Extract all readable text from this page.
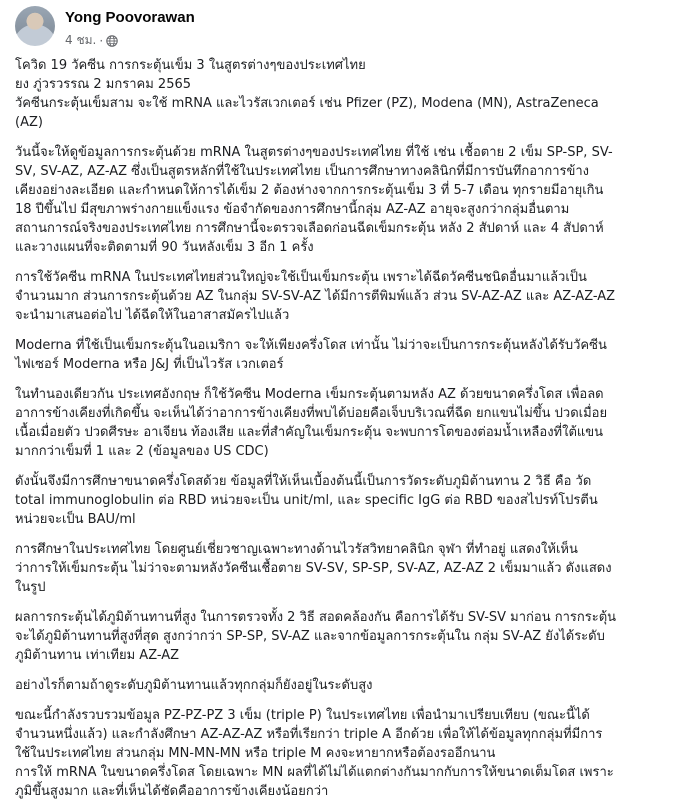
Yong Poovorawan
4 ชม. ·

โควิด 19 วัคซีน การกระตุ้นเข็ม 3 ในสูตรต่างๆของประเทศไทย
ยง ภู่วรวรรณ 2 มกราคม 2565
วัคซีนกระตุ้นเข็มสาม จะใช้ mRNA และไวรัสเวกเตอร์ เช่น Pfizer (PZ), Modena (MN), AstraZeneca
(AZ)

วันนี้จะให้ดูข้อมูลการกระตุ้นด้วย mRNA ในสูตรต่างๆของประเทศไทย ที่ใช้ เช่น เชื้อตาย 2 เข็ม SP-SP, SV-
SV, SV-AZ, AZ-AZ ซึ่งเป็นสูตรหลักที่ใช้ในประเทศไทย เป็นการศึกษาทางคลินิกที่มีการบันทึกอาการข้าง
เคียงอย่างละเอียด และกำหนดให้การได้เข็ม 2 ต้องห่างจากการกระตุ้นเข็ม 3 ที่ 5-7 เดือน ทุกรายมีอายุเกิน
18 ปีขึ้นไป มีสุขภาพร่างกายแข็งแรง ข้อจำกัดของการศึกษานี้กลุ่ม AZ-AZ อายุจะสูงกว่ากลุ่มอื่นตาม
สถานการณ์จริงของประเทศไทย การศึกษานี้จะตรวจเลือดก่อนฉีดเข็มกระตุ้น หลัง 2 สัปดาห์ และ 4 สัปดาห์
และวางแผนที่จะติดตามที่ 90 วันหลังเข็ม 3 อีก 1 ครั้ง

การใช้วัคซีน mRNA ในประเทศไทยส่วนใหญ่จะใช้เป็นเข็มกระตุ้น เพราะได้ฉีดวัคซีนชนิดอื่นมาแล้วเป็น
จำนวนมาก ส่วนการกระตุ้นด้วย AZ ในกลุ่ม SV-SV-AZ ได้มีการตีพิมพ์แล้ว ส่วน SV-AZ-AZ และ AZ-AZ-AZ
จะนำมาเสนอต่อไป ได้ฉีดให้ในอาสาสมัครไปแล้ว

Moderna ที่ใช้เป็นเข็มกระตุ้นในอเมริกา จะให้เพียงครึ่งโดส เท่านั้น ไม่ว่าจะเป็นการกระตุ้นหลังได้รับวัคซีน
ไฟเซอร์ Moderna หรือ J&J ที่เป็นไวรัส เวกเตอร์

ในทำนองเดียวกัน ประเทศอังกฤษ ก็ใช้วัคซีน Moderna เข็มกระตุ้นตามหลัง AZ ด้วยขนาดครึ่งโดส เพื่อลด
อาการข้างเคียงที่เกิดขึ้น จะเห็นได้ว่าอาการข้างเคียงที่พบได้บ่อยคือเจ็บบริเวณที่ฉีด ยกแขนไม่ขึ้น ปวดเมื่อย
เนื้อเมื่อยตัว ปวดศีรษะ อาเจียน ท้องเสีย และที่สำคัญในเข็มกระตุ้น จะพบการโตของต่อมน้ำเหลืองที่ใต้แขน
มากกว่าเข็มที่ 1 และ 2 (ข้อมูลของ US CDC)

ดังนั้นจึงมีการศึกษาขนาดครึ่งโดสด้วย ข้อมูลที่ให้เห็นเบื้องต้นนี้เป็นการวัดระดับภูมิต้านทาน 2 วิธี คือ วัด
total immunoglobulin ต่อ RBD หน่วยจะเป็น unit/ml, และ specific IgG ต่อ RBD ของสไปรท์โปรตีน
หน่วยจะเป็น BAU/ml

การศึกษาในประเทศไทย โดยศูนย์เชี่ยวชาญเฉพาะทางด้านไวรัสวิทยาคลินิก จุฬา ที่ทำอยู่ แสดงให้เห็น
ว่าการให้เข็มกระตุ้น ไม่ว่าจะตามหลังวัคซีนเชื้อตาย SV-SV, SP-SP, SV-AZ, AZ-AZ 2 เข็มมาแล้ว ดังแสดง
ในรูป

ผลการกระตุ้นได้ภูมิต้านทานที่สูง ในการตรวจทั้ง 2 วิธี สอดคล้องกัน คือการได้รับ SV-SV มาก่อน การกระตุ้น
จะได้ภูมิต้านทานที่สูงที่สุด สูงกว่ากว่า SP-SP, SV-AZ และจากข้อมูลการกระตุ้นใน กลุ่ม SV-AZ ยังได้ระดับ
ภูมิต้านทาน เท่าเทียม AZ-AZ

อย่างไรก็ตามถ้าดูระดับภูมิต้านทานแล้วทุกกลุ่มก็ยังอยู่ในระดับสูง

ขณะนี้กำลังรวบรวมข้อมูล PZ-PZ-PZ 3 เข็ม (triple P) ในประเทศไทย เพื่อนำมาเปรียบเทียบ (ขณะนี้ได้
จำนวนหนึ่งแล้ว) และกำลังศึกษา AZ-AZ-AZ หรือที่เรียกว่า triple A อีกด้วย เพื่อให้ได้ข้อมูลทุกกลุ่มที่มีการ
ใช้ในประเทศไทย ส่วนกลุ่ม MN-MN-MN หรือ triple M คงจะหายากหรือต้องรออีกนาน
การให้ mRNA ในขนาดครึ่งโดส โดยเฉพาะ MN ผลที่ได้ไม่ได้แตกต่างกันมากกับการให้ขนาดเต็มโดส เพราะ
ภูมิขึ้นสูงมาก และที่เห็นได้ชัดคืออาการข้างเคียงน้อยกว่า
